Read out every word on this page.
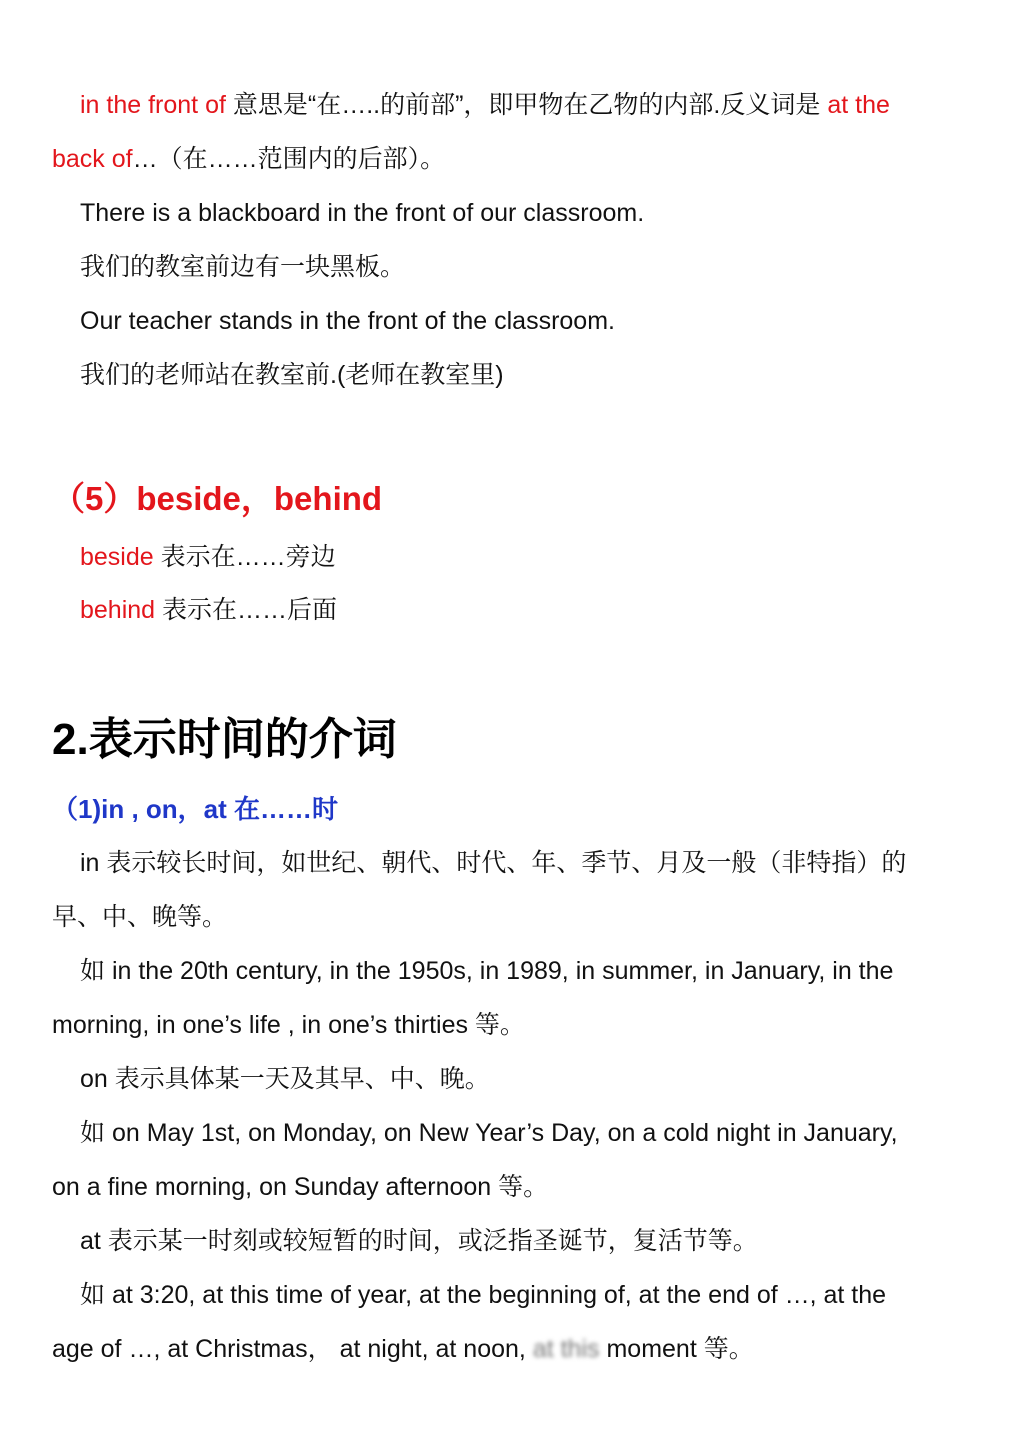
in the front of 意思是“在…..的前部”，即甲物在乙物的内部.反义词是 at the
back of…（在……范围内的后部）。
There is a blackboard in the front of our classroom.
我们的教室前边有一块黑板。
Our teacher stands in the front of the classroom.
我们的老师站在教室前.(老师在教室里)
（5）beside，behind
beside 表示在……旁边
behind 表示在……后面
2.表示时间的介词
（1)in , on，at 在……时
in 表示较长时间，如世纪、朝代、时代、年、季节、月及一般（非特指）的
早、中、晚等。
如 in the 20th century, in the 1950s, in 1989, in summer, in January, in the
morning, in one’s life , in one’s thirties 等。
on 表示具体某一天及其早、中、晚。
如 on May 1st, on Monday, on New Year’s Day, on a cold night in January,
on a fine morning, on Sunday afternoon 等。
at 表示某一时刻或较短暂的时间，或泛指圣诞节，复活节等。
如 at 3:20, at this time of year, at the beginning of, at the end of …, at the
age of …, at Christmas， at night, at noon, at this moment 等。
